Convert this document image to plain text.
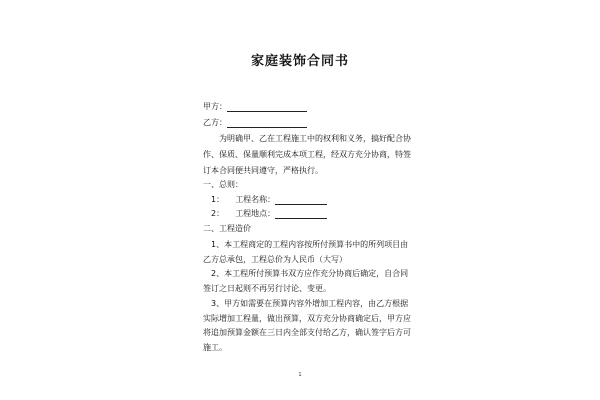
家庭装饰合同书
甲方：
乙方：
为明确甲、乙在工程施工中的权利和义务，搞好配合协
作、保质、保量顺利完成本项工程，经双方充分协商，特签
订本合同便共同遵守，严格执行。
一、总则：
1： 工程名称：
2： 工程地点：
二、工程造价
1、本工程商定的工程内容按所付预算书中的所列项目由
乙方总承包，工程总价为人民币（大写）
2、本工程所付预算书双方应作充分协商后确定，自合同
签订之日起则不再另行讨论、变更。
3、甲方如需要在预算内容外增加工程内容，由乙方根据
实际增加工程量，做出预算，双方充分协商确定后，甲方应
将追加预算金额在三日内全部支付给乙方，确认签字后方可
施工。
1
